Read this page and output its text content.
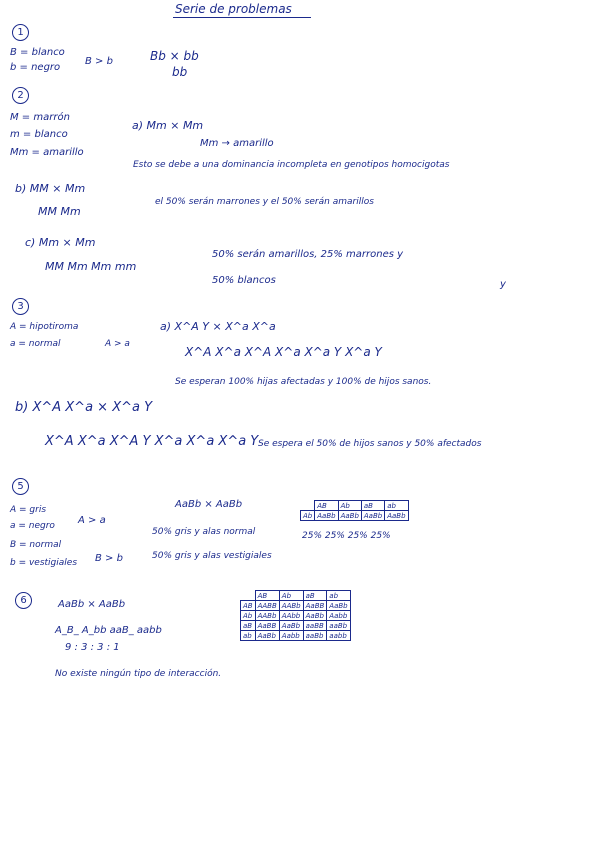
Serie de problemas
1
B = blanco
b = negro
B > b	Bb × bb
bb
2
M = marrón
m = blanco
Mm = amarillo
a) Mm × Mm
Mm → amarillo
Esto se debe a una dominancia incompleta en genotipos homocigotas
b) MM × Mm
MM Mm
el 50% serán marrones y el 50% serán amarillos
c) Mm × Mm
MM Mm Mm mm
50% serán amarillos, 25% marrones y
50% blancos	y
3
A = hipotiroma
a = normal	A > a
a) X^A Y × X^a X^a
X^A X^a X^A X^a X^a Y X^a Y
Se esperan 100% hijas afectadas y 100% de hijos sanos.
b) X^A X^a × X^a Y
X^A X^a X^A Y X^a X^a X^a Y Se espera el 50% de hijos sanos y 50% afectados
5
A = gris
a = negro
B = normal
b = vestigiales
A > a
B > b
AaBb × AaBb
50% gris y alas normal
50% gris y alas vestigiales
25% 25% 25% 25%
	AB	Ab	aB	ab
Ab	AaBb	AaBb	AaBb	AaBb
6	AaBb × AaBb
A_B_ A_bb aaB_ aabb
9 : 3 : 3 : 1
	AB	Ab	aB	ab
AB	AABB	AABb	AaBB	AaBb
Ab	AABb	AAbb	AaBb	Aabb
aB	AaBB	AaBb	aaBB	aaBb
ab	AaBb	Aabb	aaBb	aabb
No existe ningún tipo de interacción.
